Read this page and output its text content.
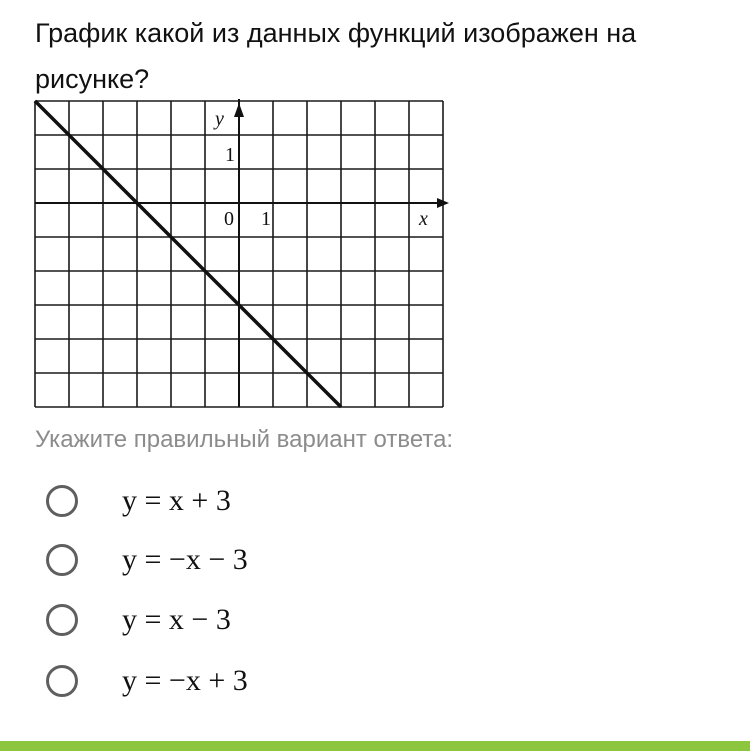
График какой из данных функций изображен на рисунке?
y
x
0 1
1
Укажите правильный вариант ответа:
y = x + 3
y = −x − 3
y = x − 3
y = −x + 3
